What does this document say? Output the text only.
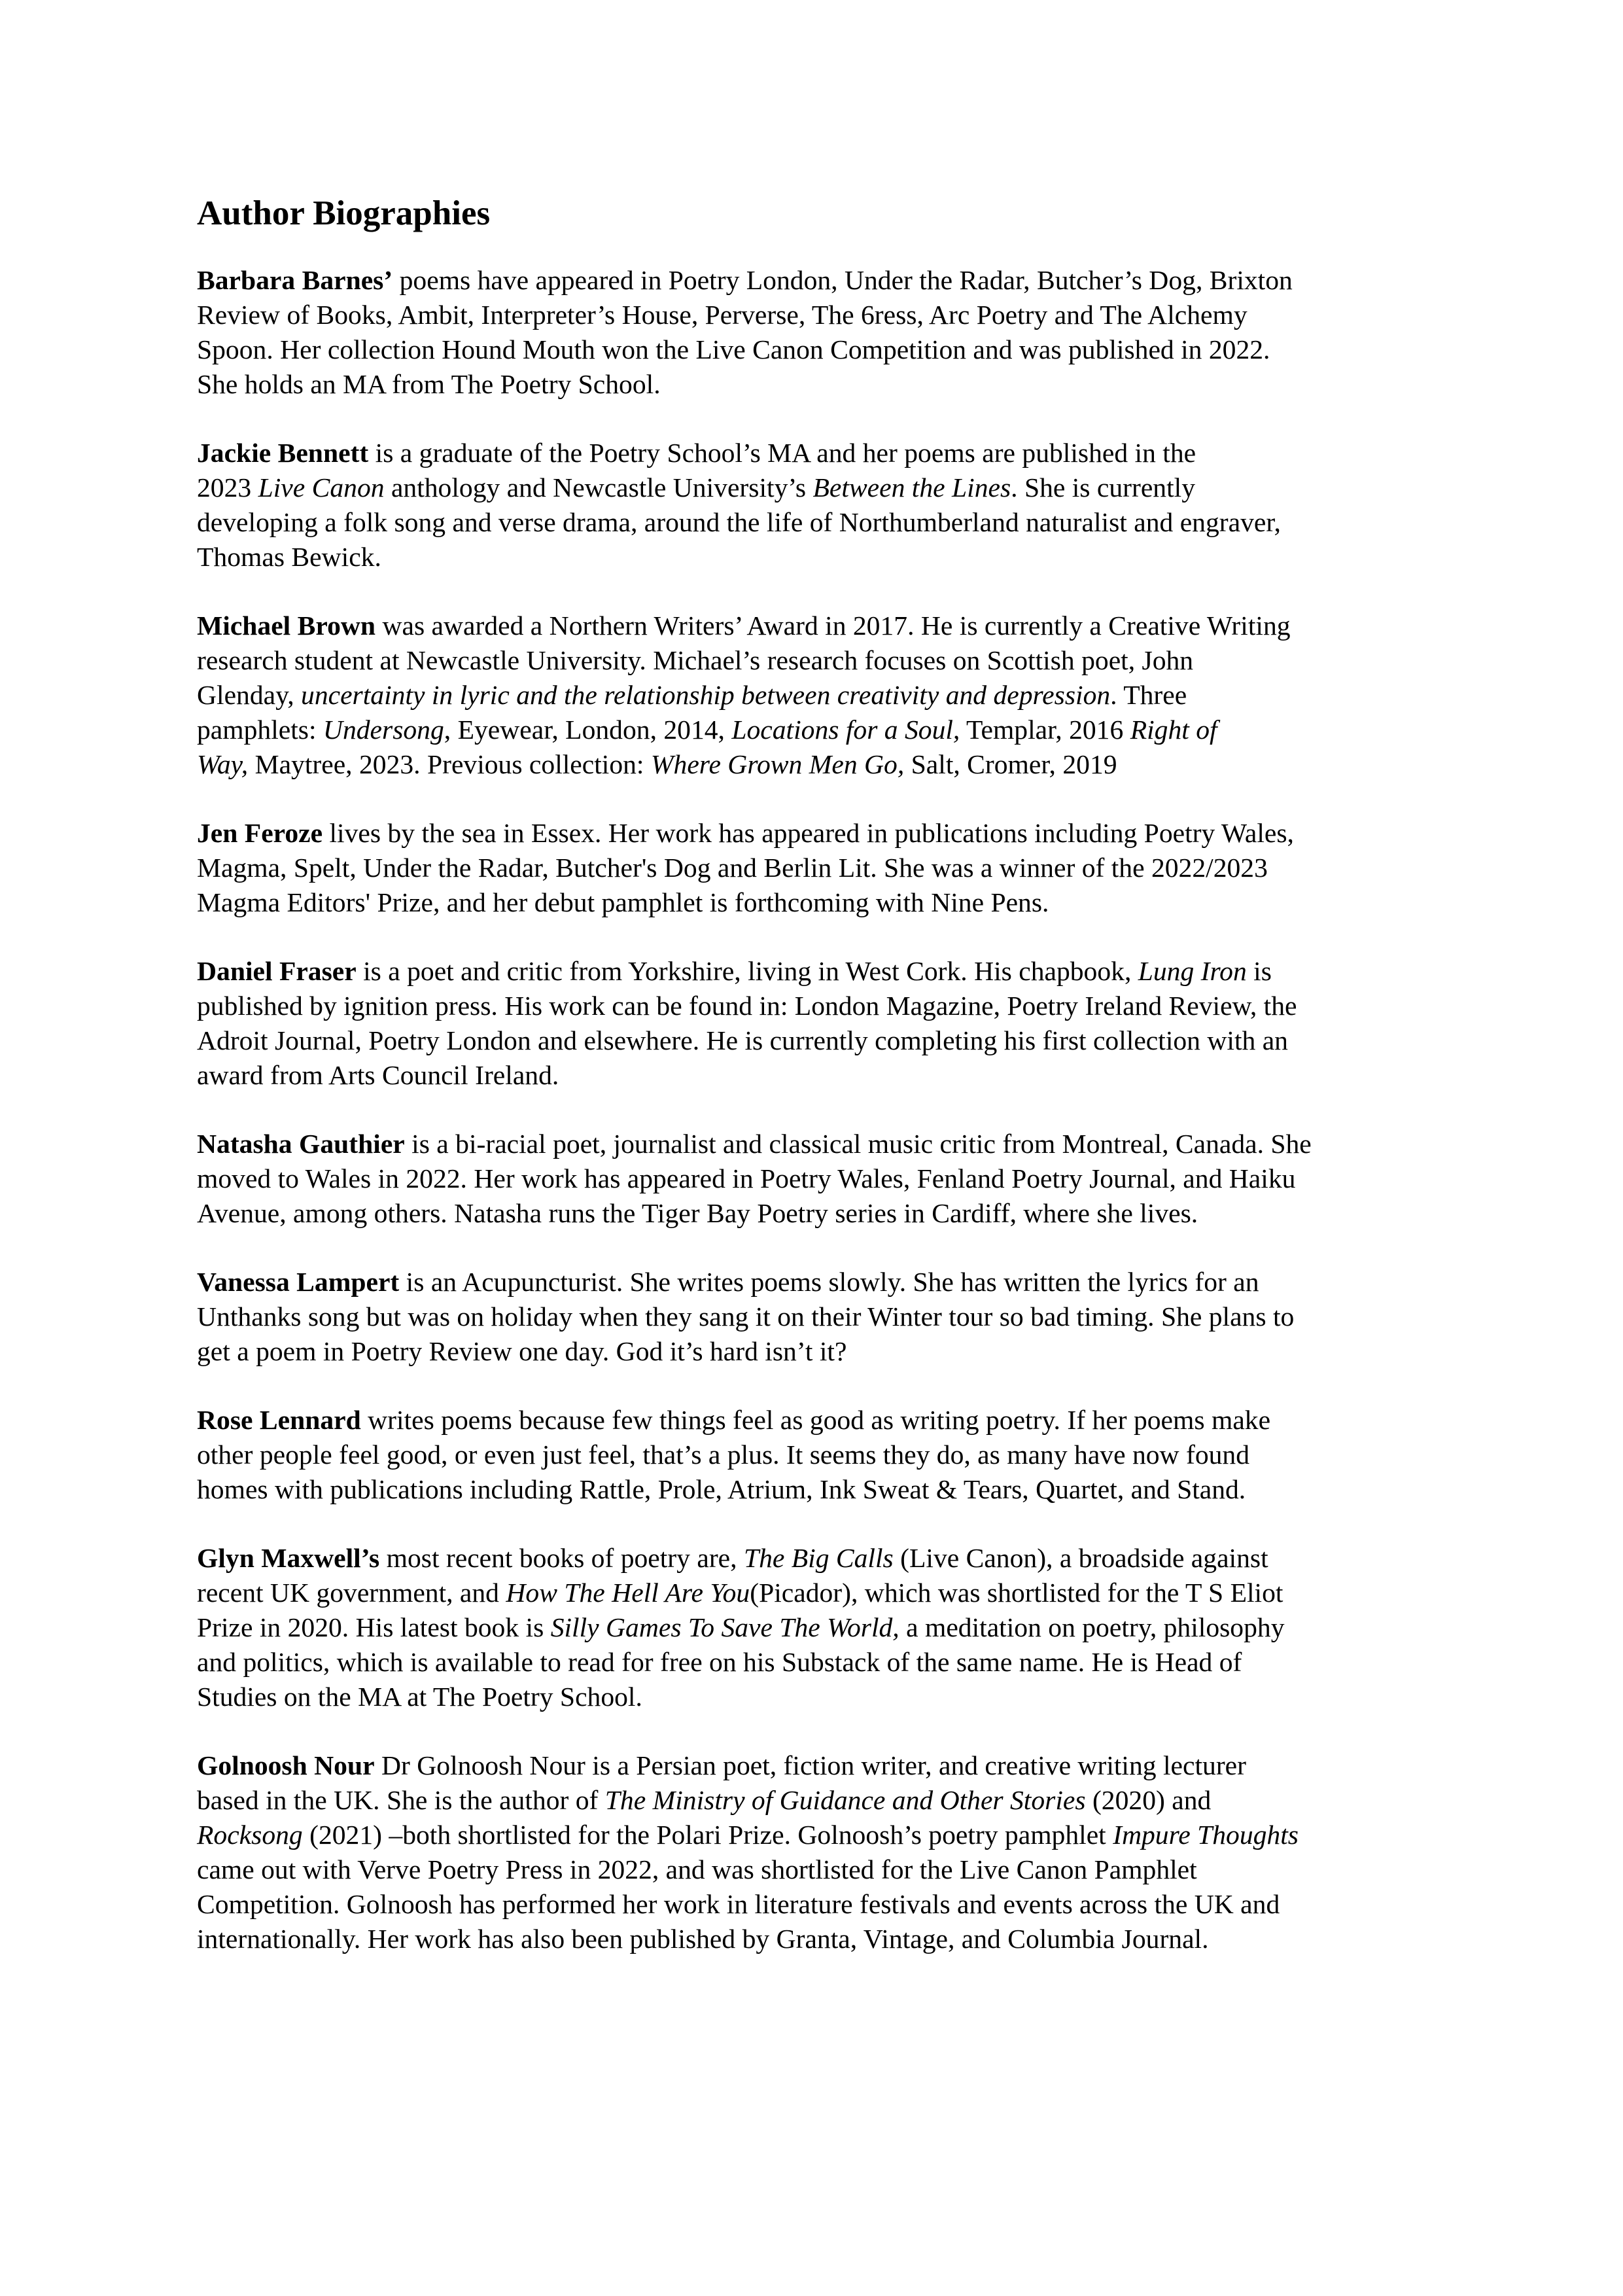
Author Biographies

Barbara Barnes’ poems have appeared in Poetry London, Under the Radar, Butcher’s Dog, Brixton
Review of Books, Ambit, Interpreter’s House, Perverse, The 6ress, Arc Poetry and The Alchemy
Spoon. Her collection Hound Mouth won the Live Canon Competition and was published in 2022.
She holds an MA from The Poetry School.

Jackie Bennett is a graduate of the Poetry School’s MA and her poems are published in the
2023 Live Canon anthology and Newcastle University’s Between the Lines. She is currently
developing a folk song and verse drama, around the life of Northumberland naturalist and engraver,
Thomas Bewick.

Michael Brown was awarded a Northern Writers’ Award in 2017. He is currently a Creative Writing
research student at Newcastle University. Michael’s research focuses on Scottish poet, John
Glenday, uncertainty in lyric and the relationship between creativity and depression. Three
pamphlets: Undersong, Eyewear, London, 2014, Locations for a Soul, Templar, 2016 Right of
Way, Maytree, 2023. Previous collection: Where Grown Men Go, Salt, Cromer, 2019

Jen Feroze lives by the sea in Essex. Her work has appeared in publications including Poetry Wales,
Magma, Spelt, Under the Radar, Butcher's Dog and Berlin Lit. She was a winner of the 2022/2023
Magma Editors' Prize, and her debut pamphlet is forthcoming with Nine Pens.

Daniel Fraser is a poet and critic from Yorkshire, living in West Cork. His chapbook, Lung Iron is
published by ignition press. His work can be found in: London Magazine, Poetry Ireland Review, the
Adroit Journal, Poetry London and elsewhere. He is currently completing his first collection with an
award from Arts Council Ireland.

Natasha Gauthier is a bi-racial poet, journalist and classical music critic from Montreal, Canada. She
moved to Wales in 2022. Her work has appeared in Poetry Wales, Fenland Poetry Journal, and Haiku
Avenue, among others. Natasha runs the Tiger Bay Poetry series in Cardiff, where she lives.

Vanessa Lampert is an Acupuncturist. She writes poems slowly. She has written the lyrics for an
Unthanks song but was on holiday when they sang it on their Winter tour so bad timing. She plans to
get a poem in Poetry Review one day. God it’s hard isn’t it?

Rose Lennard writes poems because few things feel as good as writing poetry. If her poems make
other people feel good, or even just feel, that’s a plus. It seems they do, as many have now found
homes with publications including Rattle, Prole, Atrium, Ink Sweat & Tears, Quartet, and Stand.

Glyn Maxwell’s most recent books of poetry are, The Big Calls (Live Canon), a broadside against
recent UK government, and How The Hell Are You(Picador), which was shortlisted for the T S Eliot
Prize in 2020. His latest book is Silly Games To Save The World, a meditation on poetry, philosophy
and politics, which is available to read for free on his Substack of the same name. He is Head of
Studies on the MA at The Poetry School.

Golnoosh Nour Dr Golnoosh Nour is a Persian poet, fiction writer, and creative writing lecturer
based in the UK. She is the author of The Ministry of Guidance and Other Stories (2020) and
Rocksong (2021) –both shortlisted for the Polari Prize. Golnoosh’s poetry pamphlet Impure Thoughts
came out with Verve Poetry Press in 2022, and was shortlisted for the Live Canon Pamphlet
Competition. Golnoosh has performed her work in literature festivals and events across the UK and
internationally. Her work has also been published by Granta, Vintage, and Columbia Journal.
